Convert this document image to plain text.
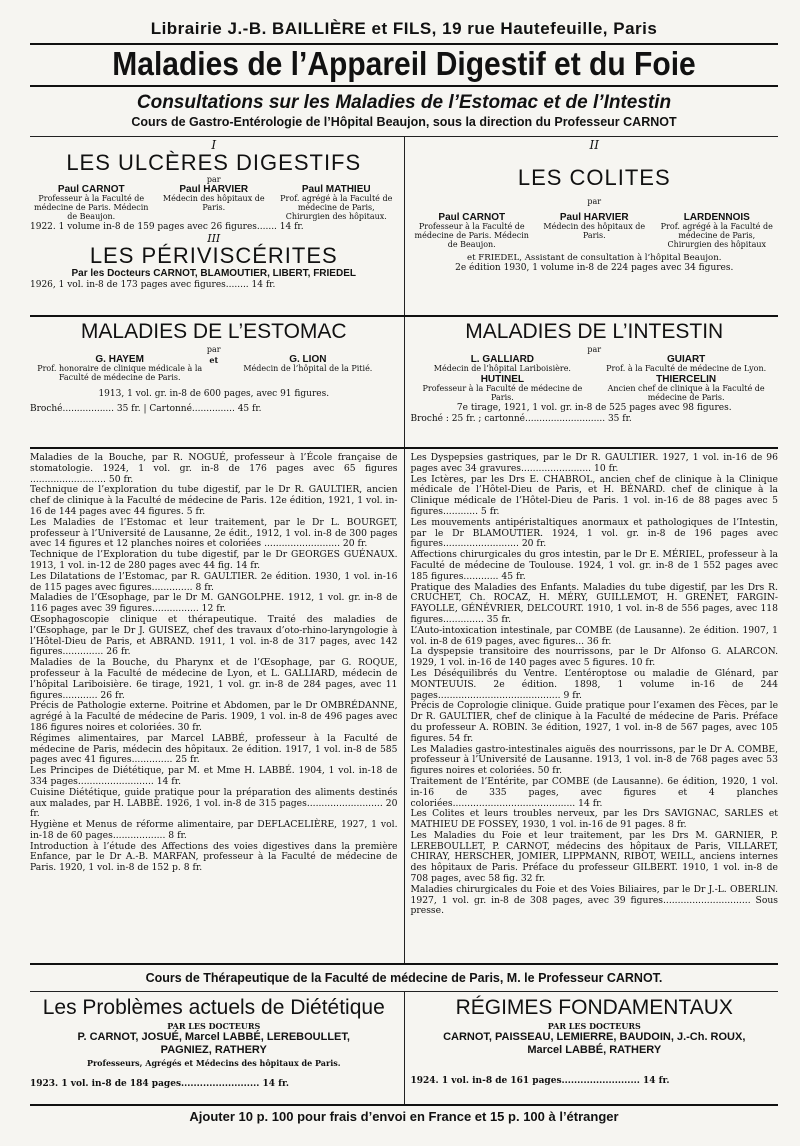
Librairie J.-B. BAILLIÈRE et FILS, 19 rue Hautefeuille, Paris
Maladies de l’Appareil Digestif et du Foie
Consultations sur les Maladies de l’Estomac et de l’Intestin
Cours de Gastro-Entérologie de l’Hôpital Beaujon, sous la direction du Professeur CARNOT
I
LES ULCÈRES DIGESTIFS
par
Paul CARNOT
Professeur à la Faculté de médecine de Paris. Médecin de Beaujon.
Paul HARVIER
Médecin des hôpitaux de Paris.
Paul MATHIEU
Prof. agrégé à la Faculté de médecine de Paris, Chirurgien des hôpitaux.
1922. 1 volume in-8 de 159 pages avec 26 figures....... 14 fr.
III
LES PÉRIVISCÉRITES
Par les Docteurs CARNOT, BLAMOUTIER, LIBERT, FRIEDEL
1926, 1 vol. in-8 de 173 pages avec figures........ 14 fr.
II
LES COLITES
par
Paul CARNOT
Professeur à la Faculté de médecine de Paris. Médecin de Beaujon.
Paul HARVIER
Médecin des hôpitaux de Paris.
LARDENNOIS
Prof. agrégé à la Faculté de médecine de Paris, Chirurgien des hôpitaux
et FRIEDEL, Assistant de consultation à l’hôpital Beaujon.
2e édition 1930, 1 volume in-8 de 224 pages avec 34 figures.
MALADIES DE L’ESTOMAC
par
G. HAYEM
Prof. honoraire de clinique médicale à la Faculté de médecine de Paris.
et	G. LION
Médecin de l’hôpital de la Pitié.
1913, 1 vol. gr. in-8 de 600 pages, avec 91 figures.
Broché.................. 35 fr. | Cartonné............... 45 fr.
MALADIES DE L’INTESTIN
par
L. GALLIARD
Médecin de l’hôpital Lariboisière.
GUIART
Prof. à la Faculté de médecine de Lyon.
HUTINEL
Professeur à la Faculté de médecine de Paris.
THIERCELIN
Ancien chef de clinique à la Faculté de médecine de Paris.
7e tirage, 1921, 1 vol. gr. in-8 de 525 pages avec 98 figures.
Broché : 25 fr. ; cartonné............................ 35 fr.
Maladies de la Bouche, par R. NOGUÉ, professeur à l’École française de stomatologie. 1924, 1 vol. gr. in-8 de 176 pages avec 65 figures .......................... 50 fr.
Technique de l’exploration du tube digestif, par le Dr R. GAULTIER, ancien chef de clinique à la Faculté de médecine de Paris. 12e édition, 1921, 1 vol. in-16 de 144 pages avec 44 figures. 5 fr.
Les Maladies de l’Estomac et leur traitement, par le Dr L. BOURGET, professeur à l’Université de Lausanne, 2e édit., 1912, 1 vol. in-8 de 300 pages avec 14 figures et 12 planches noires et coloriées .......................... 20 fr.
Technique de l’Exploration du tube digestif, par le Dr GEORGES GUÉNAUX. 1913, 1 vol. in-12 de 280 pages avec 44 fig. 14 fr.
Les Dilatations de l’Estomac, par R. GAULTIER. 2e édition. 1930, 1 vol. in-16 de 115 pages avec figures.............. 8 fr.
Maladies de l’Œsophage, par le Dr M. GANGOLPHE. 1912, 1 vol. gr. in-8 de 116 pages avec 39 figures................ 12 fr.
Œsophagoscopie clinique et thérapeutique. Traité des maladies de l’Œsophage, par le Dr J. GUISEZ, chef des travaux d’oto-rhino-laryngologie à l’Hôtel-Dieu de Paris, et ABRAND. 1911, 1 vol. in-8 de 317 pages, avec 142 figures.............. 26 fr.
Maladies de la Bouche, du Pharynx et de l’Œsophage, par G. ROQUE, professeur à la Faculté de médecine de Lyon, et L. GALLIARD, médecin de l’hôpital Lariboisière. 6e tirage, 1921, 1 vol. gr. in-8 de 284 pages, avec 11 figures............ 26 fr.
Précis de Pathologie externe. Poitrine et Abdomen, par le Dr OMBRÉDANNE, agrégé à la Faculté de médecine de Paris. 1909, 1 vol. in-8 de 496 pages avec 186 figures noires et coloriées. 30 fr.
Régimes alimentaires, par Marcel LABBÉ, professeur à la Faculté de médecine de Paris, médecin des hôpitaux. 2e édition. 1917, 1 vol. in-8 de 585 pages avec 41 figures.............. 25 fr.
Les Principes de Diététique, par M. et Mme H. LABBÉ. 1904, 1 vol. in-18 de 334 pages.......................... 14 fr.
Cuisine Diététique, guide pratique pour la préparation des aliments destinés aux malades, par H. LABBÉ. 1926, 1 vol. in-8 de 315 pages.......................... 20 fr.
Hygiène et Menus de réforme alimentaire, par DEFLACELIÈRE, 1927, 1 vol. in-18 de 60 pages.................. 8 fr.
Introduction à l’étude des Affections des voies digestives dans la première Enfance, par le Dr A.-B. MARFAN, professeur à la Faculté de médecine de Paris. 1920, 1 vol. in-8 de 152 p. 8 fr.
Les Dyspepsies gastriques, par le Dr R. GAULTIER. 1927, 1 vol. in-16 de 96 pages avec 34 gravures........................ 10 fr.
Les Ictères, par les Drs E. CHABROL, ancien chef de clinique à la Clinique médicale de l’Hôtel-Dieu de Paris, et H. BÉNARD. chef de clinique à la Clinique médicale de l’Hôtel-Dieu de Paris. 1 vol. in-16 de 88 pages avec 5 figures............ 5 fr.
Les mouvements antipéristaltiques anormaux et pathologiques de l’Intestin, par le Dr BLAMOUTIER. 1924, 1 vol. gr. in-8 de 196 pages avec figures.......................... 20 fr.
Affections chirurgicales du gros intestin, par le Dr E. MÉRIEL, professeur à la Faculté de médecine de Toulouse. 1924, 1 vol. gr. in-8 de 1 552 pages avec 185 figures............ 45 fr.
Pratique des Maladies des Enfants. Maladies du tube digestif, par les Drs R. CRUCHET, Ch. ROCAZ, H. MÉRY, GUILLEMOT, H. GRENET, FARGIN-FAYOLLE, GÉNÉVRIER, DELCOURT. 1910, 1 vol. in-8 de 556 pages, avec 118 figures.............. 35 fr.
L’Auto-intoxication intestinale, par COMBE (de Lausanne). 2e édition. 1907, 1 vol. in-8 de 619 pages, avec figures... 36 fr.
La dyspepsie transitoire des nourrissons, par le Dr Alfonso G. ALARCON. 1929, 1 vol. in-16 de 140 pages avec 5 figures. 10 fr.
Les Déséquilibrés du Ventre. L’entéroptose ou maladie de Glénard, par MONTEUUIS. 2e édition. 1898, 1 volume in-16 de 244 pages.......................................... 9 fr.
Précis de Coprologie clinique. Guide pratique pour l’examen des Fèces, par le Dr R. GAULTIER, chef de clinique à la Faculté de médecine de Paris. Préface du professeur A. ROBIN. 3e édition, 1927, 1 vol. in-8 de 567 pages, avec 105 figures. 54 fr.
Les Maladies gastro-intestinales aiguës des nourrissons, par le Dr A. COMBE, professeur à l’Université de Lausanne. 1913, 1 vol. in-8 de 768 pages avec 53 figures noires et coloriées. 50 fr.
Traitement de l’Entérite, par COMBE (de Lausanne). 6e édition, 1920, 1 vol. in-16 de 335 pages, avec figures et 4 planches coloriées.......................................... 14 fr.
Les Colites et leurs troubles nerveux, par les Drs SAVIGNAC, SARLES et MATHIEU DE FOSSEY, 1930, 1 vol. in-16 de 91 pages. 8 fr.
Les Maladies du Foie et leur traitement, par les Drs M. GARNIER, P. LEREBOULLET, P. CARNOT, médecins des hôpitaux de Paris, VILLARET, CHIRAY, HERSCHER, JOMIER, LIPPMANN, RIBOT, WEILL, anciens internes des hôpitaux de Paris. Préface du professeur GILBERT. 1910, 1 vol. in-8 de 708 pages, avec 58 fig. 32 fr.
Maladies chirurgicales du Foie et des Voies Biliaires, par le Dr J.-L. OBERLIN. 1927, 1 vol. gr. in-8 de 308 pages, avec 39 figures.............................. Sous presse.
Cours de Thérapeutique de la Faculté de médecine de Paris, M. le Professeur CARNOT.
Les Problèmes actuels de Diététique
PAR LES DOCTEURS
P. CARNOT, JOSUÉ, Marcel LABBÉ, LEREBOULLET, PAGNIEZ, RATHERY
Professeurs, Agrégés et Médecins des hôpitaux de Paris.
1923. 1 vol. in-8 de 184 pages......................... 14 fr.
RÉGIMES FONDAMENTAUX
PAR LES DOCTEURS
CARNOT, PAISSEAU, LEMIERRE, BAUDOIN, J.-Ch. ROUX, Marcel LABBÉ, RATHERY
1924. 1 vol. in-8 de 161 pages......................... 14 fr.
Ajouter 10 p. 100 pour frais d’envoi en France et 15 p. 100 à l’étranger
